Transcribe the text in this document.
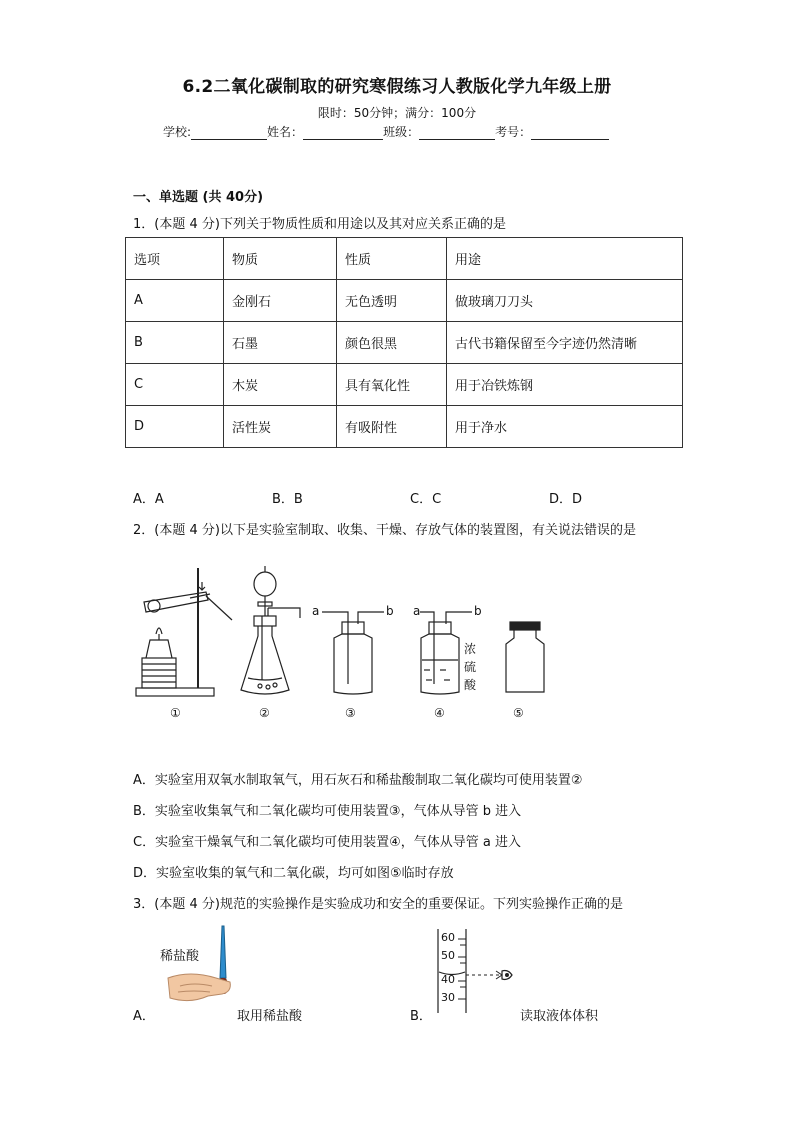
6.2二氧化碳制取的研究寒假练习人教版化学九年级上册
限时：50分钟；满分：100分
学校:	姓名：	班级：	考号：
一、单选题 (共 40分)
1．(本题 4 分)下列关于物质性质和用途以及其对应关系正确的是
选项	物质	性质	用途
A	金刚石	无色透明	做玻璃刀刀头
B	石墨	颜色很黑	古代书籍保留至今字迹仍然清晰
C	木炭	具有氧化性	用于冶铁炼钢
D	活性炭	有吸附性	用于净水
A．A	B．B	C．C	D．D
2．(本题 4 分)以下是实验室制取、收集、干燥、存放气体的装置图，有关说法错误的是
a	b a	b
浓
硫
酸
①	②	③	④	⑤
A．实验室用双氧水制取氧气，用石灰石和稀盐酸制取二氧化碳均可使用装置②
B．实验室收集氧气和二氧化碳均可使用装置③，气体从导管 b 进入
C．实验室干燥氧气和二氧化碳均可使用装置④，气体从导管 a 进入
D．实验室收集的氧气和二氧化碳，均可如图⑤临时存放
3．(本题 4 分)规范的实验操作是实验成功和安全的重要保证。下列实验操作正确的是
稀盐酸
A．	取用稀盐酸
60
50
40
30
B．	读取液体体积
